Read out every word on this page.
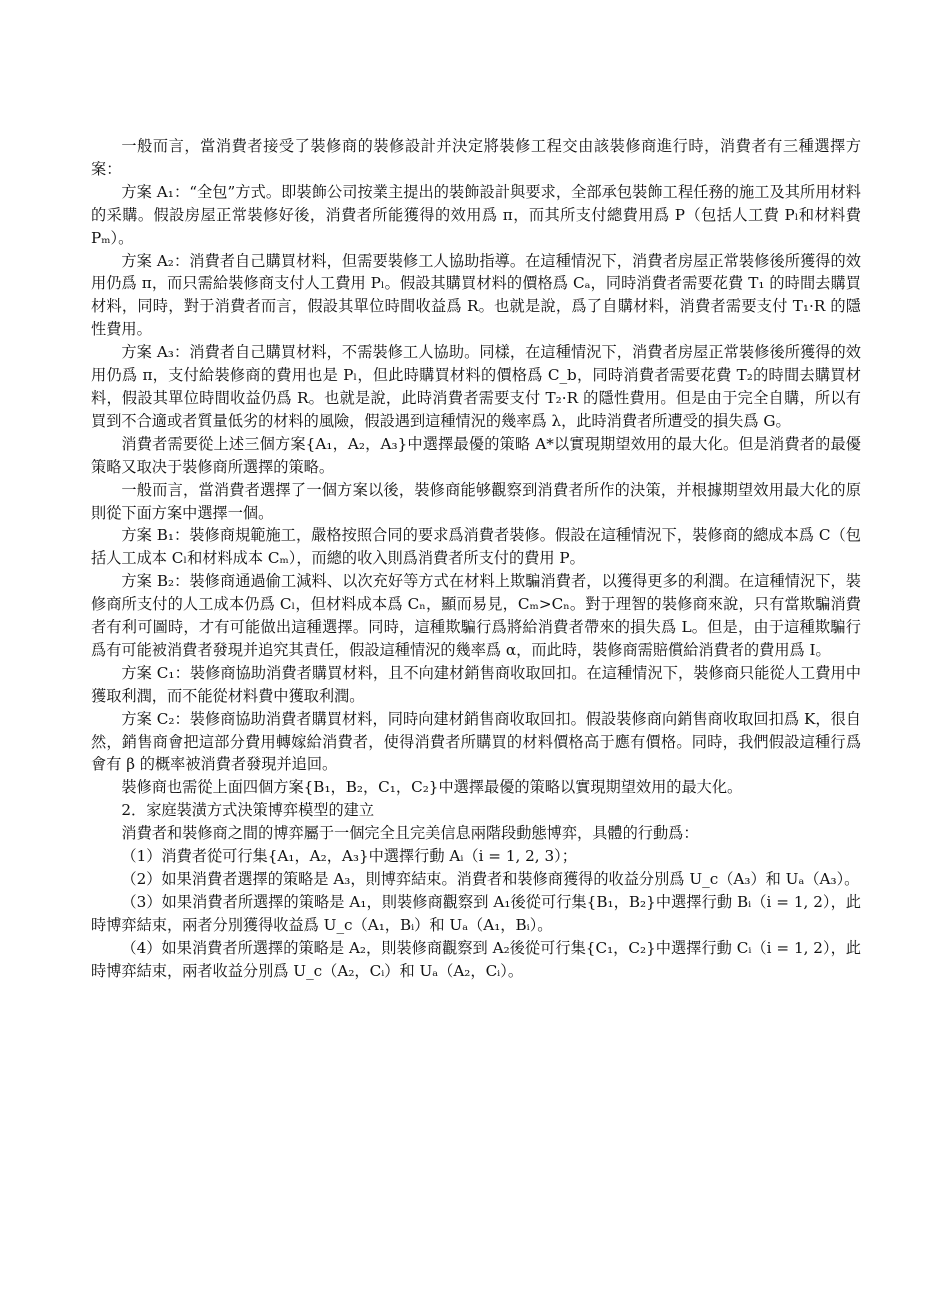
一般而言，當消費者接受了裝修商的裝修設計并決定將裝修工程交由該裝修商進行時，消費者有三種選擇方案：

方案 A₁：“全包”方式。即裝飾公司按業主提出的裝飾設計與要求，全部承包裝飾工程任務的施工及其所用材料的采購。假設房屋正常裝修好後，消費者所能獲得的效用爲 π，而其所支付總費用爲 P（包括人工費 Pₗ和材料費 Pₘ）。

方案 A₂：消費者自己購買材料，但需要裝修工人協助指導。在這種情況下，消費者房屋正常裝修後所獲得的效用仍爲 π，而只需給裝修商支付人工費用 Pₗ。假設其購買材料的價格爲 Cₐ，同時消費者需要花費 T₁ 的時間去購買材料，同時，對于消費者而言，假設其單位時間收益爲 R。也就是說，爲了自購材料，消費者需要支付 T₁·R 的隱性費用。

方案 A₃：消費者自己購買材料，不需裝修工人協助。同樣，在這種情況下，消費者房屋正常裝修後所獲得的效用仍爲 π，支付給裝修商的費用也是 Pₗ，但此時購買材料的價格爲 C_b，同時消費者需要花費 T₂的時間去購買材料，假設其單位時間收益仍爲 R。也就是說，此時消費者需要支付 T₂·R 的隱性費用。但是由于完全自購，所以有買到不合適或者質量低劣的材料的風險，假設遇到這種情況的幾率爲 λ，此時消費者所遭受的損失爲 G。

消費者需要從上述三個方案{A₁，A₂，A₃}中選擇最優的策略 A*以實現期望效用的最大化。但是消費者的最優策略又取决于裝修商所選擇的策略。

一般而言，當消費者選擇了一個方案以後，裝修商能够觀察到消費者所作的決策，并根據期望效用最大化的原則從下面方案中選擇一個。

方案 B₁：裝修商規範施工，嚴格按照合同的要求爲消費者裝修。假設在這種情況下，裝修商的總成本爲 C（包括人工成本 Cₗ和材料成本 Cₘ），而總的收入則爲消費者所支付的費用 P。

方案 B₂：裝修商通過偷工減料、以次充好等方式在材料上欺騙消費者，以獲得更多的利潤。在這種情況下，裝修商所支付的人工成本仍爲 Cₗ，但材料成本爲 Cₙ，顯而易見，Cₘ>Cₙ。對于理智的裝修商來說，只有當欺騙消費者有利可圖時，才有可能做出這種選擇。同時，這種欺騙行爲將給消費者帶來的損失爲 L。但是，由于這種欺騙行爲有可能被消費者發現并追究其責任，假設這種情況的幾率爲 α，而此時，裝修商需賠償給消費者的費用爲 I。

方案 C₁：裝修商協助消費者購買材料，且不向建材銷售商收取回扣。在這種情況下，裝修商只能從人工費用中獲取利潤，而不能從材料費中獲取利潤。

方案 C₂：裝修商協助消費者購買材料，同時向建材銷售商收取回扣。假設裝修商向銷售商收取回扣爲 K，很自然，銷售商會把這部分費用轉嫁給消費者，使得消費者所購買的材料價格高于應有價格。同時，我們假設這種行爲會有 β 的概率被消費者發現并追回。

裝修商也需從上面四個方案{B₁，B₂，C₁，C₂}中選擇最優的策略以實現期望效用的最大化。

2．家庭裝潢方式決策博弈模型的建立

消費者和裝修商之間的博弈屬于一個完全且完美信息兩階段動態博弈，具體的行動爲：

（1）消費者從可行集{A₁，A₂，A₃}中選擇行動 Aᵢ（i = 1, 2, 3）；

（2）如果消費者選擇的策略是 A₃，則博弈結束。消費者和裝修商獲得的收益分別爲 U_c（A₃）和 Uₐ（A₃）。

（3）如果消費者所選擇的策略是 A₁，則裝修商觀察到 A₁後從可行集{B₁，B₂}中選擇行動 Bᵢ（i = 1, 2），此時博弈結束，兩者分別獲得收益爲 U_c（A₁，Bᵢ）和 Uₐ（A₁，Bᵢ）。

（4）如果消費者所選擇的策略是 A₂，則裝修商觀察到 A₂後從可行集{C₁，C₂}中選擇行動 Cᵢ（i = 1, 2），此時博弈結束，兩者收益分別爲 U_c（A₂，Cᵢ）和 Uₐ（A₂，Cᵢ）。
